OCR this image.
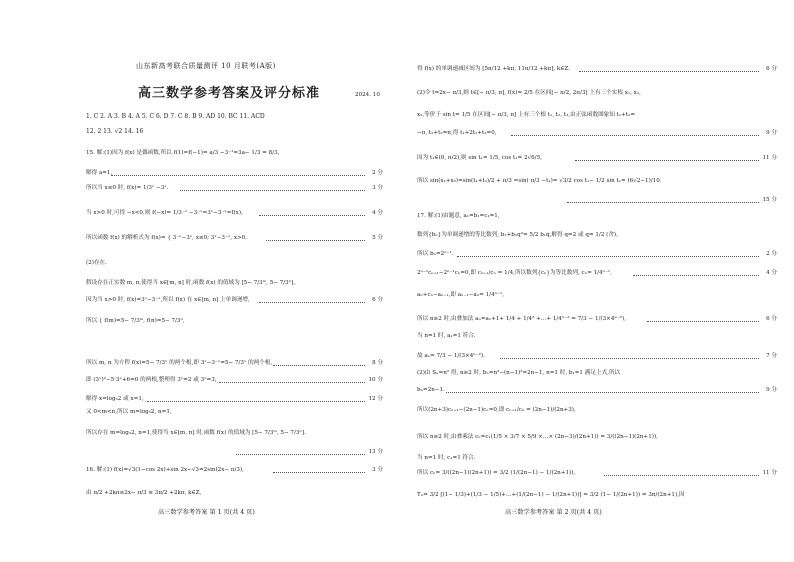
山东新高考联合质量测评 10 月联考(A版)
高三数学参考答案及评分标准	2024. 10
1. C 2. A 3. B 4. A 5. C 6. D 7. C 8. B 9. AD 10. BC 11. ACD
12. 2 13. √2 14. 16
15. 解:(1)因为 f(x) 是偶函数,所以 f(1)=f(−1)= a/3 −3⁻¹=3a− 1/3 = 8/3,
解得 a=1,	2 分
所以当 x≤0 时, f(x)= 1/3ˣ −3ˣ.	3 分
当 x>0 时,可得 −x<0,则 f(−x)= 1/3⁻ˣ −3⁻ˣ=3ˣ−3⁻ˣ=f(x),	4 分
所以函数 f(x) 的解析式为 f(x)= { 3⁻ˣ−3ˣ, x≤0; 3ˣ−3⁻ˣ, x>0.	5 分
(2)存在.
假设存在正实数 m, n,使得当 x∈[m, n] 时,函数 f(x) 的值域为 [5− 7/3ᵐ, 5− 7/3ⁿ],
因为当 x>0 时, f(x)=3ˣ−3⁻ˣ,所以 f(x) 在 x∈[m, n] 上单调递增,	6 分
所以 { f(m)=5− 7/3ᵐ, f(n)=5− 7/3ⁿ,
所以 m, n 为方程 f(x)=5− 7/3ˣ 的两个根,即 3ˣ−3⁻ˣ=5− 7/3ˣ 的两个根,	8 分
即 (3ˣ)²−5·3ˣ+6=0 的两根,整理得 3ˣ=2 或 3ˣ=3,	10 分
解得 x=log₃2 或 x=1,	12 分
又 0<m<n,所以 m=log₃2, n=1,
所以存在 m=log₃2, n=1,使得当 x∈[m, n] 时,函数 f(x) 的值域为 [5− 7/3ᵐ, 5− 7/3ⁿ].
13 分
16. 解:(1) f(x)=√3(1−cos 2x)+sin 2x−√3=2sin(2x− π/3),	3 分
由 π/2 +2kπ≤2x− π/3 ≤ 3π/2 +2kπ, k∈Z,
高三数学参考答案 第 1 页(共 4 页)
得 f(x) 的单调递减区间为 [5π/12 +kπ, 11π/12 +kπ], k∈Z.	6 分
(2)令 t=2x− π/3,则 t∈[− π/3, π], f(x)= 2/5 在区间[− π/2, 2π/3] 上有三个实根 x₁, x₂,
x₃,等价于 sin t= 1/5 在区间[− π/3, π] 上有三个根 t₁, t₂, t₃,由正弦函数图象知 t₁+t₂=
−π, t₂+t₃=π,得 t₁+2t₂+t₃=0,	9 分
因为 t₁∈(0, π/2),则 sin t₁= 1/5, cos t₁= 2√6/5,	11 分
所以 sin(x₁+x₃)=sin(t₁+t₃)/2 + π/3 =sin( π/3 −t₁)= √3/2 cos t₁− 1/2 sin t₁= (6√2−1)/10.
15 分
17. 解:(1)由题意, a₁=b₁=c₁=1,
数列{bₙ}为单调递增的等比数列, b₁+b₁q²= 5/2 b₁q,解得 q=2 或 q= 1/2 (舍),
所以 bₙ=2ⁿ⁻¹.	2 分
2ⁿ⁻¹cₙ₊₁−2ⁿ⁻¹cₙ=0,即 cₙ₊₁/cₙ = 1/4,所以数列{cₙ}为等比数列, cₙ= 1/4ⁿ⁻¹,	4 分
aₙ+cₙ−aₙ₋₁,即 aₙ₋₁−aₙ= 1/4ⁿ⁻¹,
所以 n≥2 时,由叠加法 aₙ=a₁+1+ 1/4 + 1/4² +…+ 1/4ⁿ⁻² = 7/3 − 1/(3×4ⁿ⁻²),	6 分
当 n=1 时, a₁=1 符合.
故 aₙ= 7/3 − 1/(3×4ⁿ⁻²).	7 分
(2)由 Sₙ=n² 得, n≥2 时, bₙ=n²−(n−1)²=2n−1, n=1 时, b₁=1 满足上式,所以
bₙ=2n−1.	9 分
所以(2n+3)cₙ₊₁−(2n−1)cₙ=0,即 cₙ₊₁/cₙ = (2n−1)/(2n+3),
所以 n≥2 时,由叠乘法 cₙ=c₁(1/5 × 3/7 × 5/9 ×…× (2n−3)/(2n+1)) = 3/((2n−1)(2n+1)),
当 n=1 时, c₁=1 符合.
所以 cₙ= 3/((2n−1)(2n+1)) = 3/2 (1/(2n−1) − 1/(2n+1)),	11 分
Tₙ= 3/2 [(1− 1/3)+(1/3 − 1/5)+…+(1/(2n−1) − 1/(2n+1))] = 3/2 (1− 1/(2n+1)) = 3n/(2n+1),因
高三数学参考答案 第 2 页(共 4 页)
